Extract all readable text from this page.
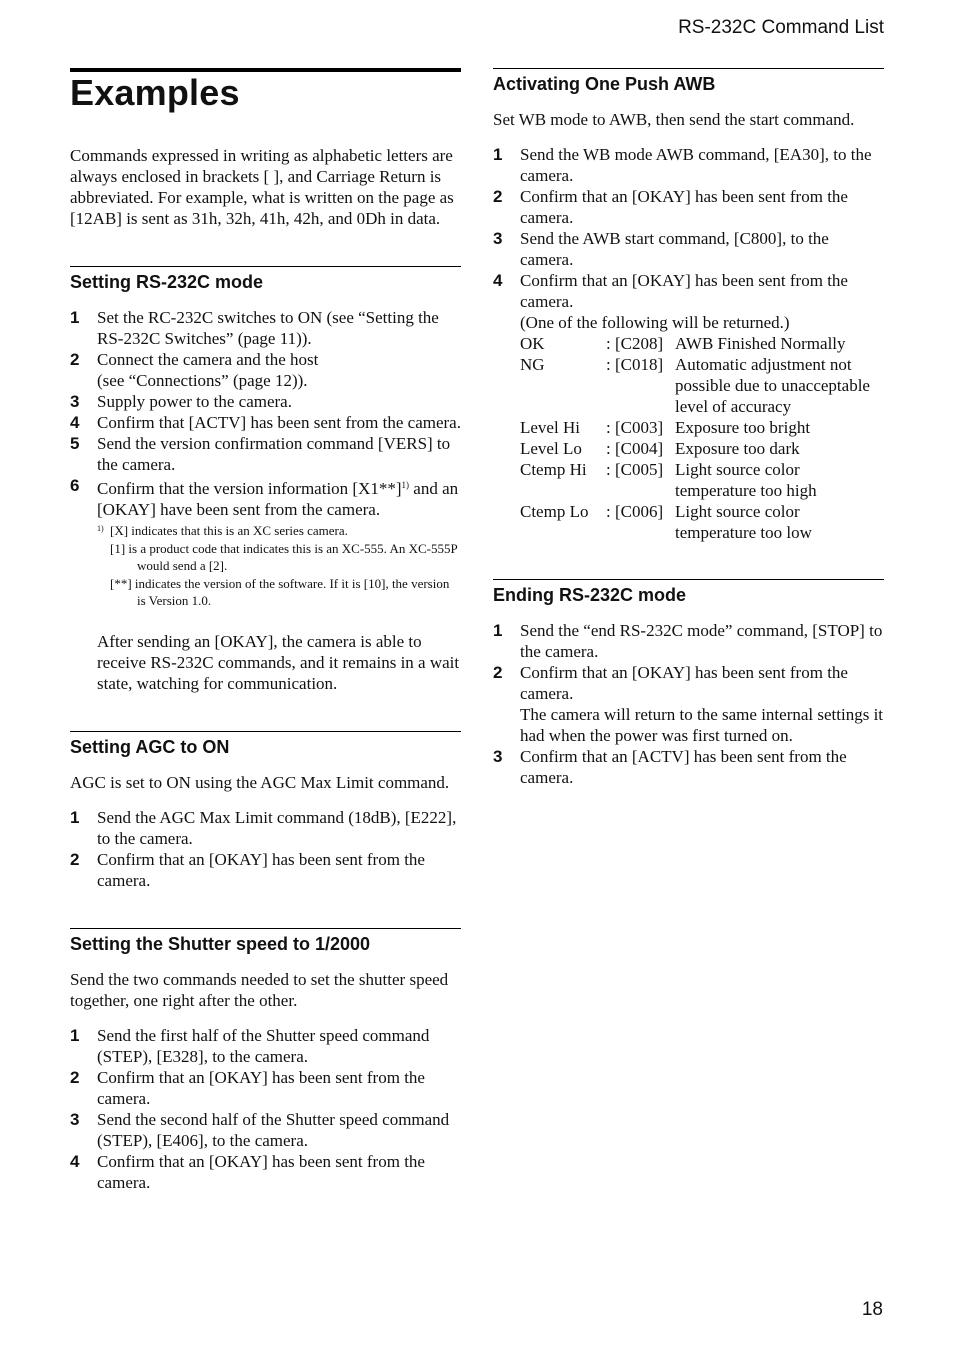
RS-232C Command List
Examples

Commands expressed in writing as alphabetic letters are always enclosed in brackets [ ], and Carriage Return is abbreviated. For example, what is written on the page as [12AB] is sent as 31h, 32h, 41h, 42h, and 0Dh in data.

Setting RS-232C mode
1 Set the RC-232C switches to ON (see “Setting the RS-232C Switches” (page 11)).
2 Connect the camera and the host
(see “Connections” (page 12)).
3 Supply power to the camera.
4 Confirm that [ACTV] has been sent from the camera.
5 Send the version confirmation command [VERS] to the camera.
6 Confirm that the version information $[X1**]^{1)}$ and an [OKAY] have been sent from the camera.
1) [X] indicates that this is an XC series camera.
[1] is a product code that indicates this is an XC-555. An XC-555P would send a [2].
[**] indicates the version of the software. If it is [10], the version is Version 1.0.
After sending an [OKAY], the camera is able to receive RS-232C commands, and it remains in a wait state, watching for communication.
Setting AGC to ON
AGC is set to ON using the AGC Max Limit command.
1 Send the AGC Max Limit command (18dB), [E222], to the camera.
2 Confirm that an [OKAY] has been sent from the camera.
Setting the Shutter speed to 1/2000
Send the two commands needed to set the shutter speed together, one right after the other.
1 Send the first half of the Shutter speed command (STEP), [E328], to the camera.
2 Confirm that an [OKAY] has been sent from the camera.
3 Send the second half of the Shutter speed command (STEP), [E406], to the camera.
4 Confirm that an [OKAY] has been sent from the camera.
Activating One Push AWB
Set WB mode to AWB, then send the start command.
1 Send the WB mode AWB command, [EA30], to the camera.
2 Confirm that an [OKAY] has been sent from the camera.
3 Send the AWB start command, [C800], to the camera.
4 Confirm that an [OKAY] has been sent from the camera.
(One of the following will be returned.)
OK	: [C208]	AWB Finished Normally
NG	: [C018]	Automatic adjustment not possible due to unacceptable level of accuracy
Level Hi	: [C003]	Exposure too bright
Level Lo	: [C004]	Exposure too dark
Ctemp Hi	: [C005]	Light source color temperature too high
Ctemp Lo	: [C006]	Light source color temperature too low
Ending RS-232C mode
1 Send the “end RS-232C mode” command, [STOP] to the camera.
2 Confirm that an [OKAY] has been sent from the camera.
The camera will return to the same internal settings it had when the power was first turned on.
3 Confirm that an [ACTV] has been sent from the camera.
18
